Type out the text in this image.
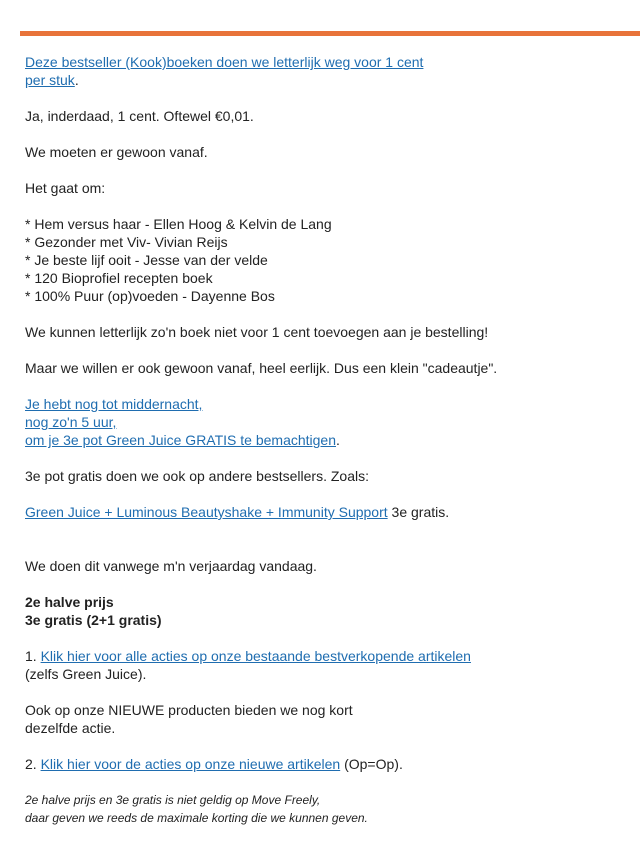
Deze bestseller (Kook)boeken doen we letterlijk weg voor 1 cent
per stuk.

Ja, inderdaad, 1 cent. Oftewel €0,01.

We moeten er gewoon vanaf.

Het gaat om:

* Hem versus haar - Ellen Hoog & Kelvin de Lang
* Gezonder met Viv- Vivian Reijs
* Je beste lijf ooit - Jesse van der velde
* 120 Bioprofiel recepten boek
* 100% Puur (op)voeden - Dayenne Bos

We kunnen letterlijk zo'n boek niet voor 1 cent toevoegen aan je bestelling!

Maar we willen er ook gewoon vanaf, heel eerlijk. Dus een klein "cadeautje".

Je hebt nog tot middernacht,
nog zo'n 5 uur,
om je 3e pot Green Juice GRATIS te bemachtigen.

3e pot gratis doen we ook op andere bestsellers. Zoals:

Green Juice + Luminous Beautyshake + Immunity Support 3e gratis.

We doen dit vanwege m'n verjaardag vandaag.

2e halve prijs
3e gratis (2+1 gratis)

1. Klik hier voor alle acties op onze bestaande bestverkopende artikelen
(zelfs Green Juice).

Ook op onze NIEUWE producten bieden we nog kort
dezelfde actie.

2. Klik hier voor de acties op onze nieuwe artikelen (Op=Op).

2e halve prijs en 3e gratis is niet geldig op Move Freely,
daar geven we reeds de maximale korting die we kunnen geven.
